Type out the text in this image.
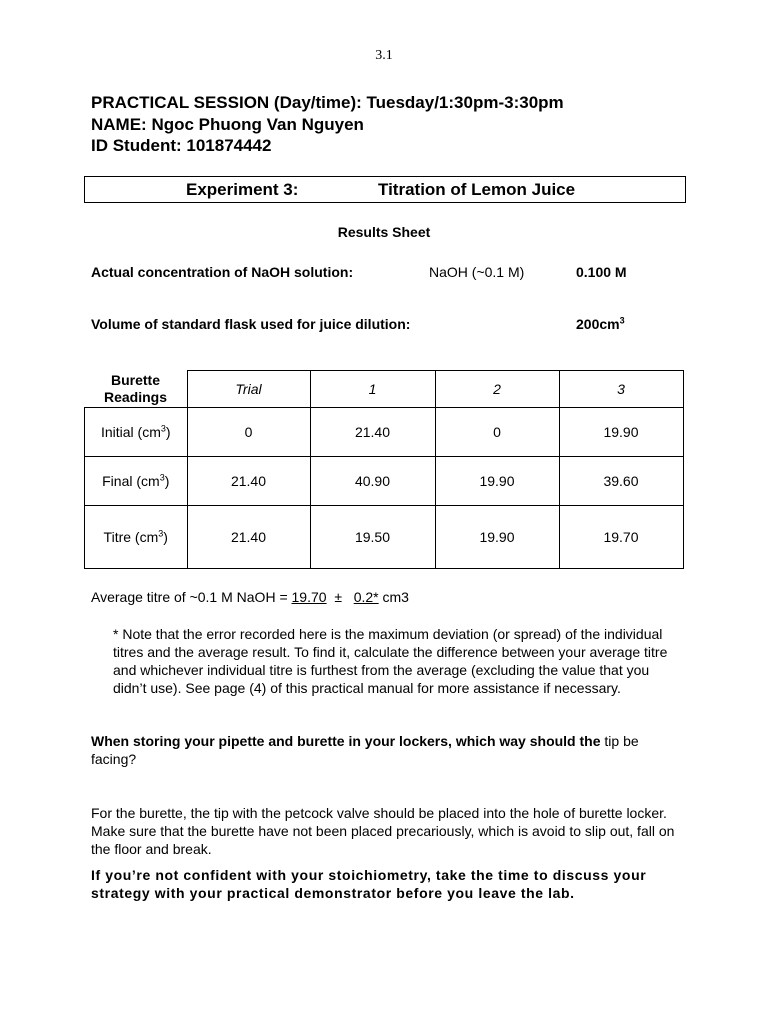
3.1
PRACTICAL SESSION (Day/time): Tuesday/1:30pm-3:30pm
NAME: Ngoc Phuong Van Nguyen
ID Student: 101874442
Experiment 3:	Titration of Lemon Juice
Results Sheet
Actual concentration of NaOH solution:	NaOH (~0.1 M)	0.100 M
Volume of standard flask used for juice dilution:	$200cm^3$
Burette
Readings	Trial	1	2	3
Initial $(cm^3)$	0	21.40	0	19.90
Final $(cm^3)$	21.40	40.90	19.90	39.60
Titre $(cm^3)$	21.40	19.50	19.90	19.70
Average titre of ~0.1 M NaOH = 19.70 ± 0.2* cm3
* Note that the error recorded here is the maximum deviation (or spread) of the individual titres and the average result. To find it, calculate the difference between your average titre and whichever individual titre is furthest from the average (excluding the value that you didn’t use). See page (4) of this practical manual for more assistance if necessary.
When storing your pipette and burette in your lockers, which way should the tip be facing?
For the burette, the tip with the petcock valve should be placed into the hole of burette locker. Make sure that the burette have not been placed precariously, which is avoid to slip out, fall on the floor and break.
If you’re not confident with your stoichiometry, take the time to discuss your strategy with your practical demonstrator before you leave the lab.
